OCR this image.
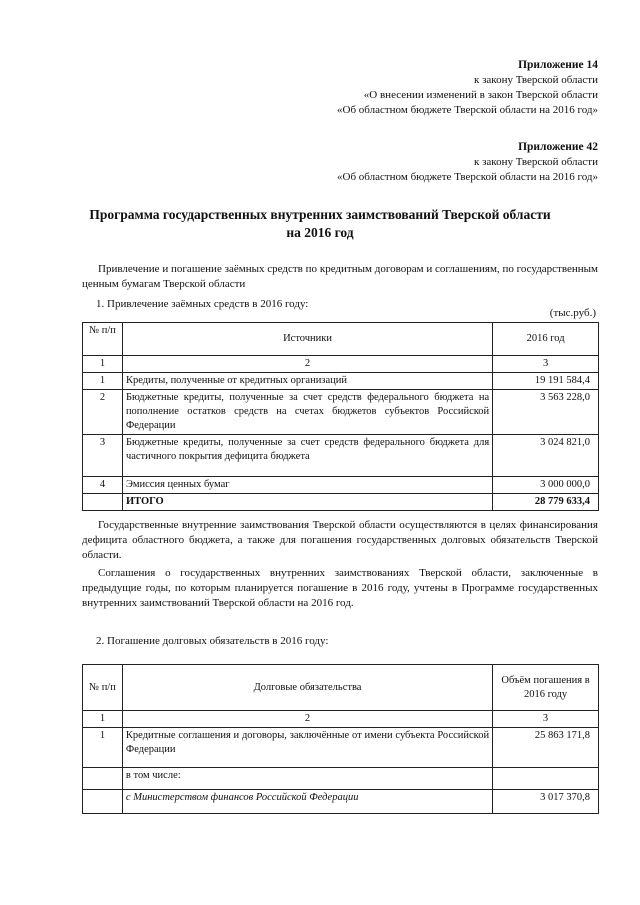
Приложение 14
к закону Тверской области
«О внесении изменений в закон Тверской области
«Об областном бюджете Тверской области на 2016 год»
Приложение 42
к закону Тверской области
«Об областном бюджете Тверской области на 2016 год»
Программа государственных внутренних заимствований Тверской области
на 2016 год
Привлечение и погашение заёмных средств по кредитным договорам и соглашениям, по государственным ценным бумагам Тверской области
1. Привлечение заёмных средств в 2016 году:
(тыс.руб.)
№ п/п	Источники	2016 год
1	2	3
1	Кредиты, полученные от кредитных организаций	19 191 584,4
2	Бюджетные кредиты, полученные за счет средств федерального бюджета на пополнение остатков средств на счетах бюджетов субъектов Российской Федерации	3 563 228,0
3	Бюджетные кредиты, полученные за счет средств федерального бюджета для частичного покрытия дефицита бюджета	3 024 821,0
4	Эмиссия ценных бумаг	3 000 000,0
	ИТОГО	28 779 633,4
Государственные внутренние заимствования Тверской области осуществляются в целях финансирования дефицита областного бюджета, а также для погашения государственных долговых обязательств Тверской области.
Соглашения о государственных внутренних заимствованиях Тверской области, заключенные в предыдущие годы, по которым планируется погашение в 2016 году, учтены в Программе государственных внутренних заимствований Тверской области на 2016 год.
2. Погашение долговых обязательств в 2016 году:
№ п/п	Долговые обязательства	Объём погашения в 2016 году
1	2	3
1	Кредитные соглашения и договоры, заключённые от имени субъекта Российской Федерации	25 863 171,8
	в том числе:	
	с Министерством финансов Российской Федерации	3 017 370,8
